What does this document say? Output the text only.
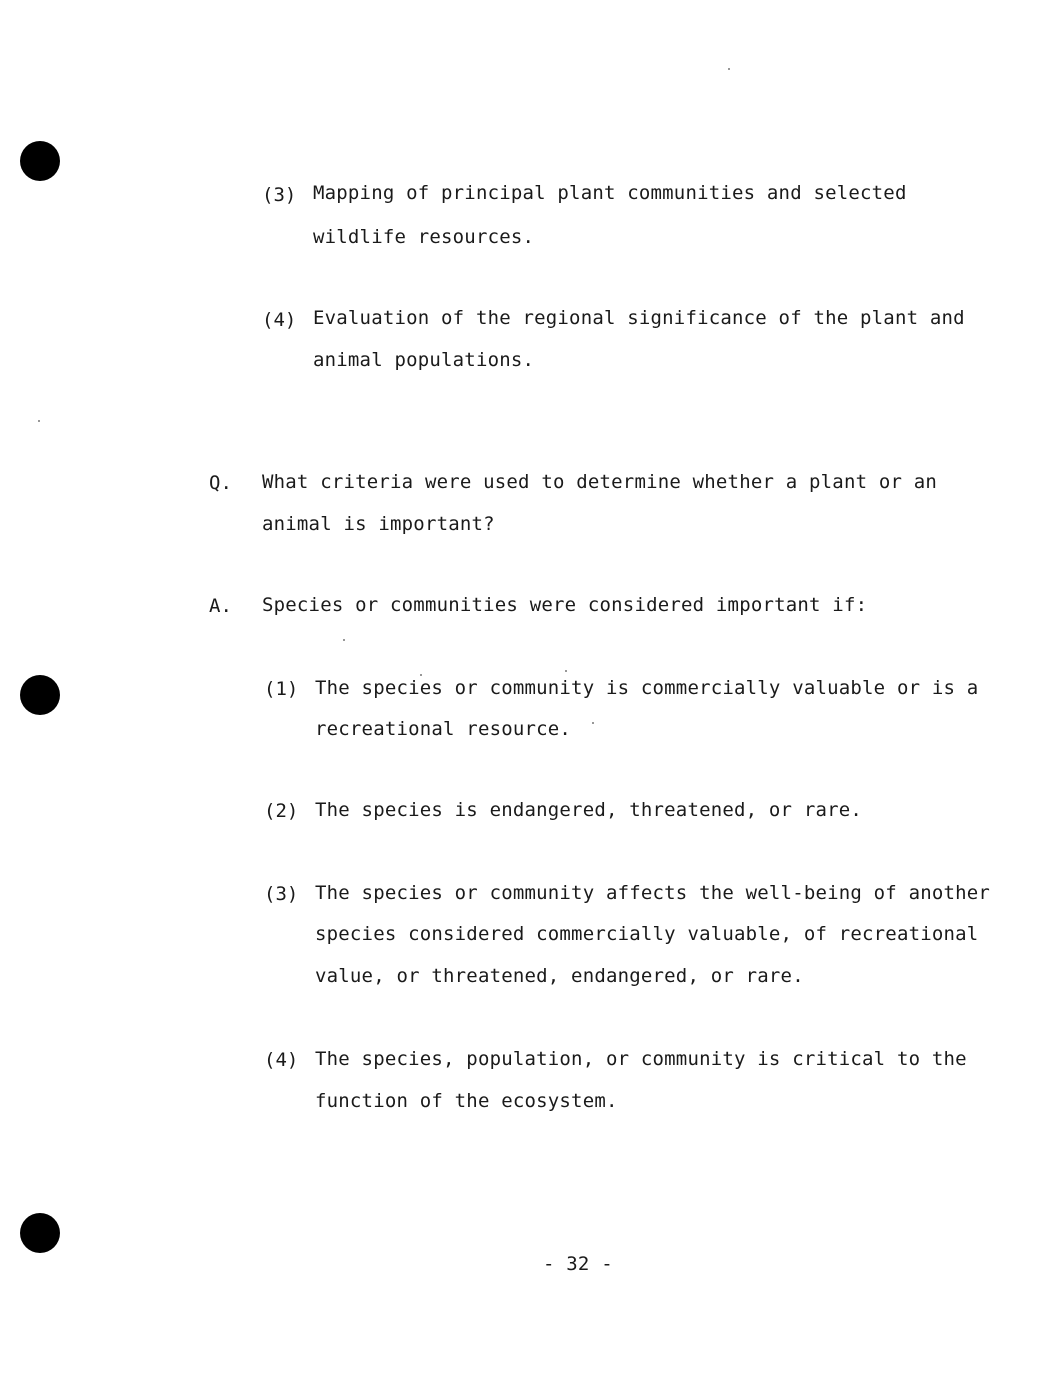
(3) Mapping of principal plant communities and selected
wildlife resources.
(4) Evaluation of the regional significance of the plant and
animal populations.
Q. What criteria were used to determine whether a plant or an
animal is important?
A. Species or communities were considered important if:
(1) The species or community is commercially valuable or is a
recreational resource.
(2) The species is endangered, threatened, or rare.
(3) The species or community affects the well-being of another
species considered commercially valuable, of recreational
value, or threatened, endangered, or rare.
(4) The species, population, or community is critical to the
function of the ecosystem.
- 32 -
